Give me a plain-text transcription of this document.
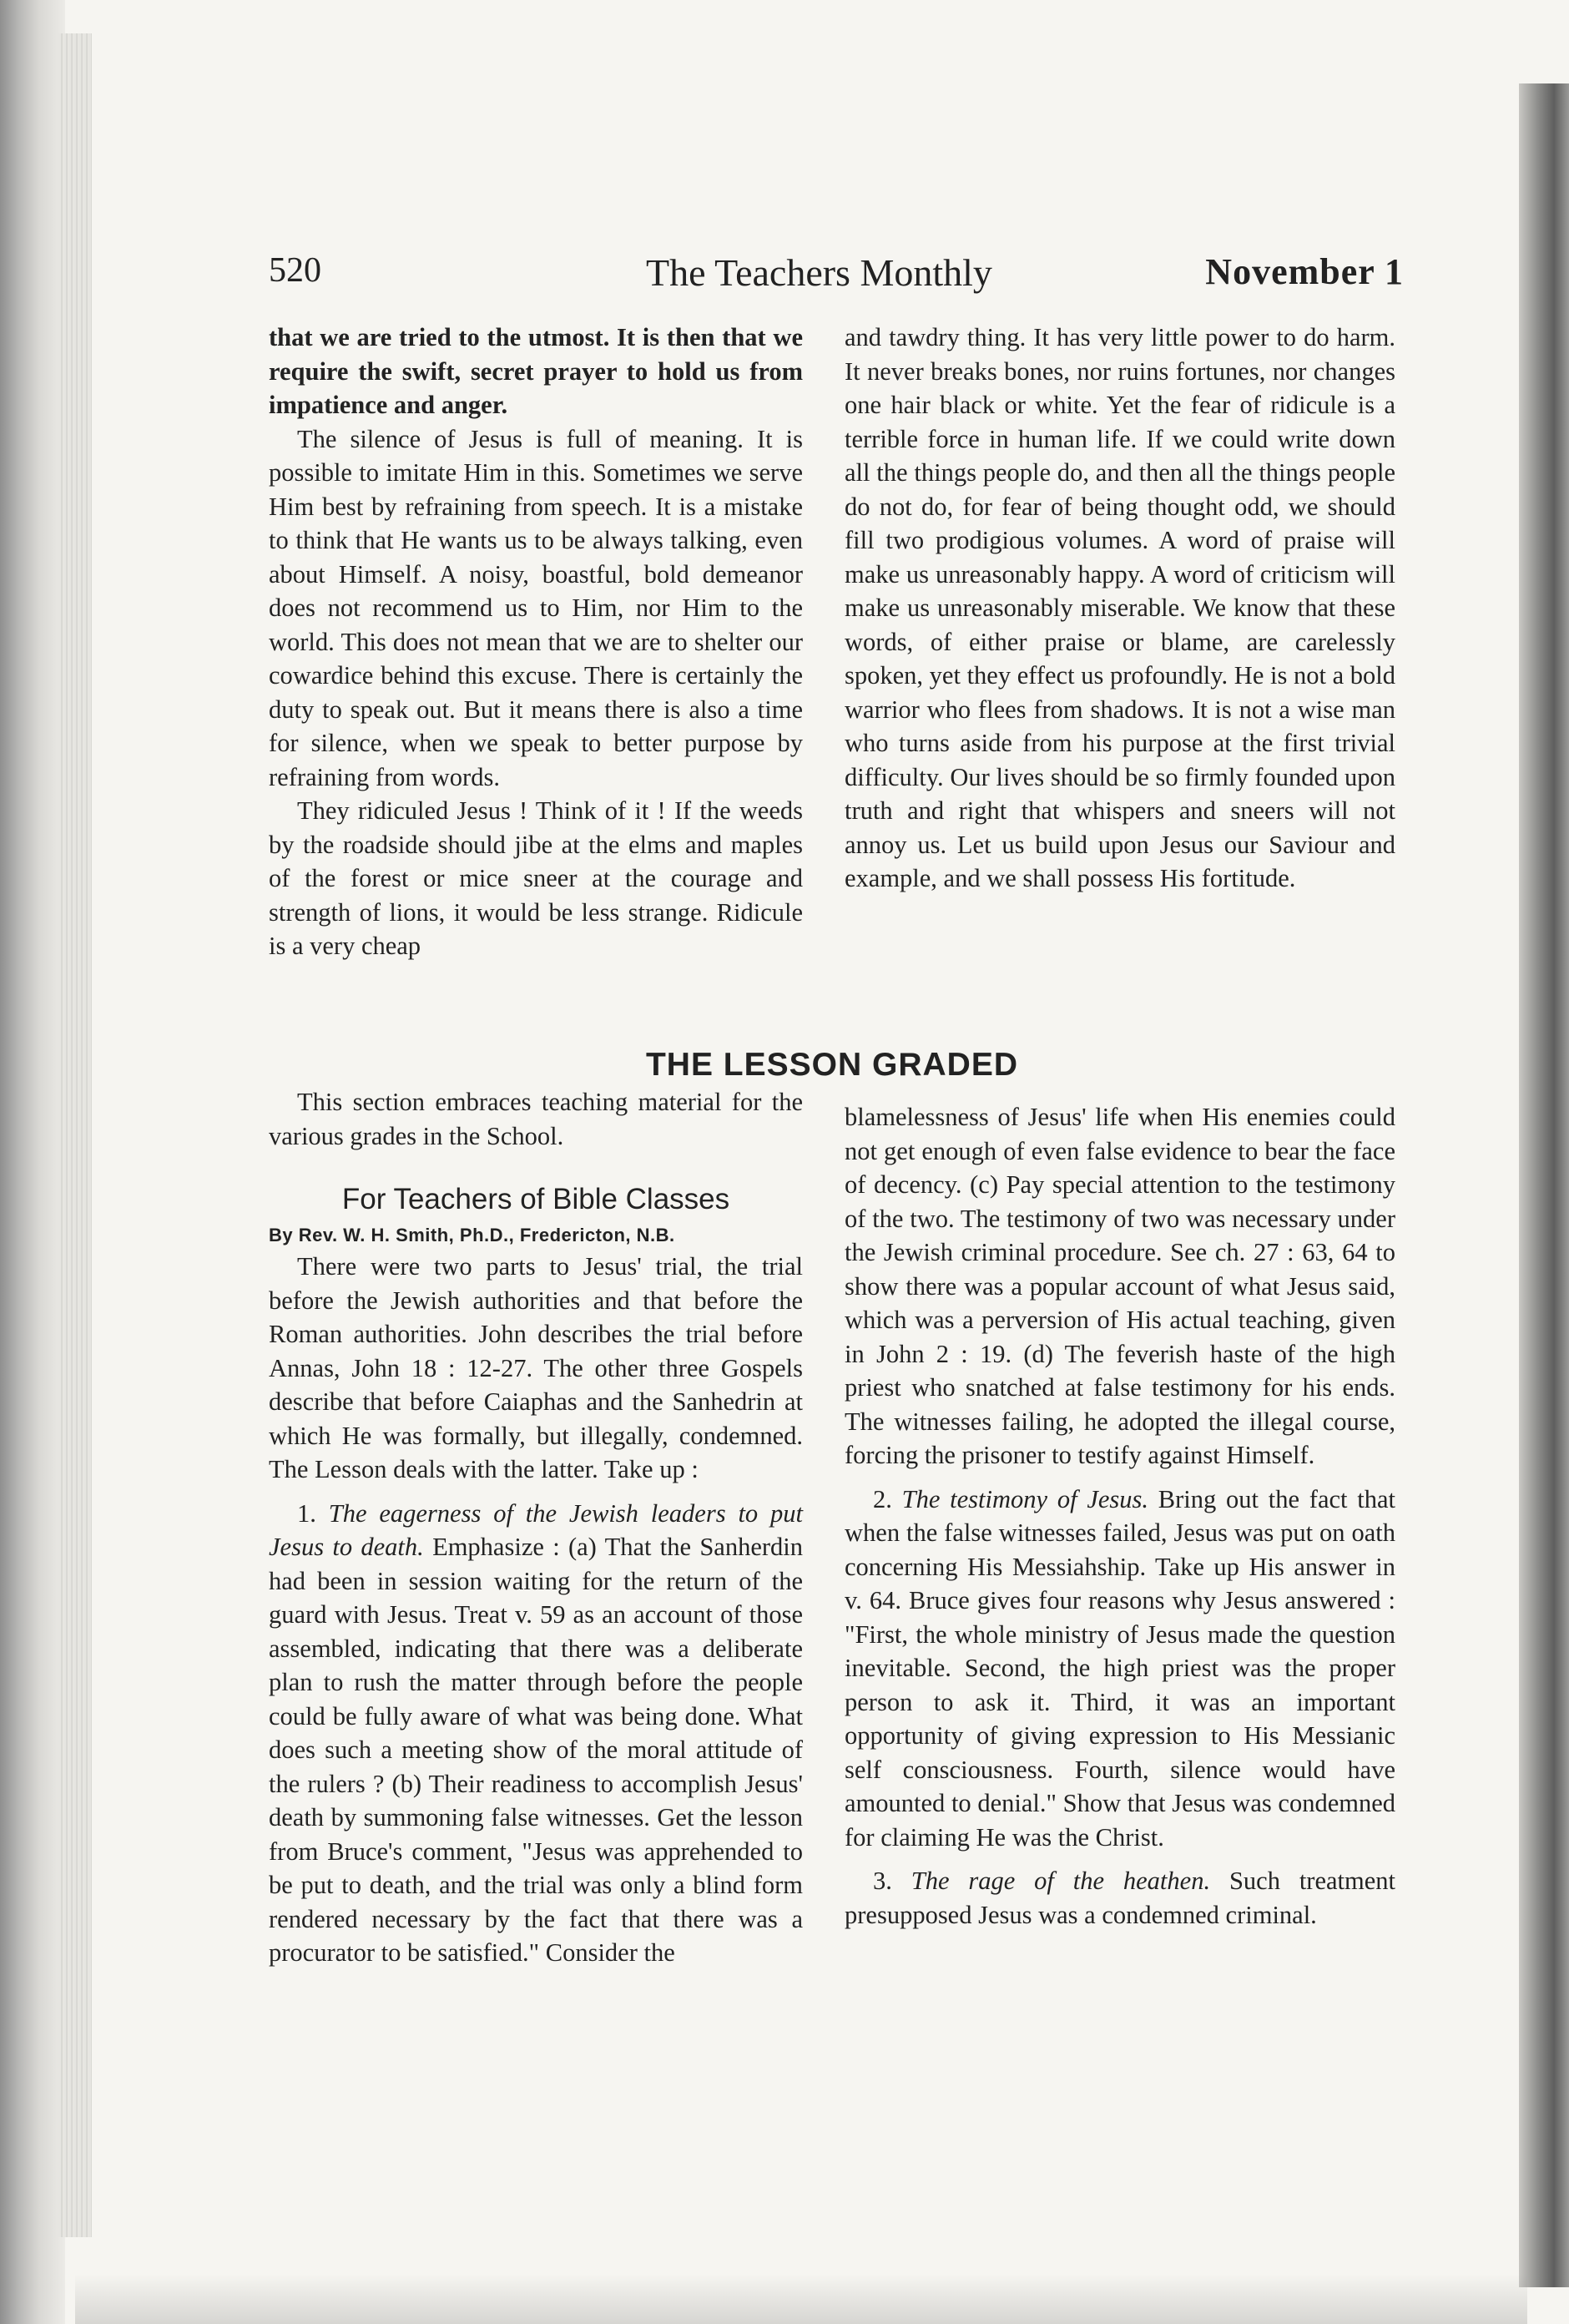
520	The Teachers Monthly	November 1

that we are tried to the utmost. It is then that we require the swift, secret prayer to hold us from impatience and anger.

The silence of Jesus is full of meaning. It is possible to imitate Him in this. Sometimes we serve Him best by refraining from speech. It is a mistake to think that He wants us to be always talking, even about Himself. A noisy, boastful, bold demeanor does not recommend us to Him, nor Him to the world. This does not mean that we are to shelter our cowardice behind this excuse. There is certainly the duty to speak out. But it means there is also a time for silence, when we speak to better purpose by refraining from words.

They ridiculed Jesus ! Think of it ! If the weeds by the roadside should jibe at the elms and maples of the forest or mice sneer at the courage and strength of lions, it would be less strange. Ridicule is a very cheap

and tawdry thing. It has very little power to do harm. It never breaks bones, nor ruins fortunes, nor changes one hair black or white. Yet the fear of ridicule is a terrible force in human life. If we could write down all the things people do, and then all the things people do not do, for fear of being thought odd, we should fill two prodigious volumes. A word of praise will make us unreasonably happy. A word of criticism will make us unreasonably miserable. We know that these words, of either praise or blame, are carelessly spoken, yet they effect us profoundly. He is not a bold warrior who flees from shadows. It is not a wise man who turns aside from his purpose at the first trivial difficulty. Our lives should be so firmly founded upon truth and right that whispers and sneers will not annoy us. Let us build upon Jesus our Saviour and example, and we shall possess His fortitude.

THE LESSON GRADED

This section embraces teaching material for the various grades in the School.

For Teachers of Bible Classes
By Rev. W. H. Smith, Ph.D., Fredericton, N.B.

There were two parts to Jesus' trial, the trial before the Jewish authorities and that before the Roman authorities. John describes the trial before Annas, John 18 : 12-27. The other three Gospels describe that before Caiaphas and the Sanhedrin at which He was formally, but illegally, condemned. The Lesson deals with the latter. Take up :

1. The eagerness of the Jewish leaders to put Jesus to death. Emphasize : (a) That the Sanherdin had been in session waiting for the return of the guard with Jesus. Treat v. 59 as an account of those assembled, indicating that there was a deliberate plan to rush the matter through before the people could be fully aware of what was being done. What does such a meeting show of the moral attitude of the rulers ? (b) Their readiness to accomplish Jesus' death by summoning false witnesses. Get the lesson from Bruce's comment, "Jesus was apprehended to be put to death, and the trial was only a blind form rendered necessary by the fact that there was a procurator to be satisfied." Consider the

blamelessness of Jesus' life when His enemies could not get enough of even false evidence to bear the face of decency. (c) Pay special attention to the testimony of the two. The testimony of two was necessary under the Jewish criminal procedure. See ch. 27 : 63, 64 to show there was a popular account of what Jesus said, which was a perversion of His actual teaching, given in John 2 : 19. (d) The feverish haste of the high priest who snatched at false testimony for his ends. The witnesses failing, he adopted the illegal course, forcing the prisoner to testify against Himself.

2. The testimony of Jesus. Bring out the fact that when the false witnesses failed, Jesus was put on oath concerning His Messiahship. Take up His answer in v. 64. Bruce gives four reasons why Jesus answered : "First, the whole ministry of Jesus made the question inevitable. Second, the high priest was the proper person to ask it. Third, it was an important opportunity of giving expression to His Messianic self consciousness. Fourth, silence would have amounted to denial." Show that Jesus was condemned for claiming He was the Christ.

3. The rage of the heathen. Such treatment presupposed Jesus was a condemned criminal.
